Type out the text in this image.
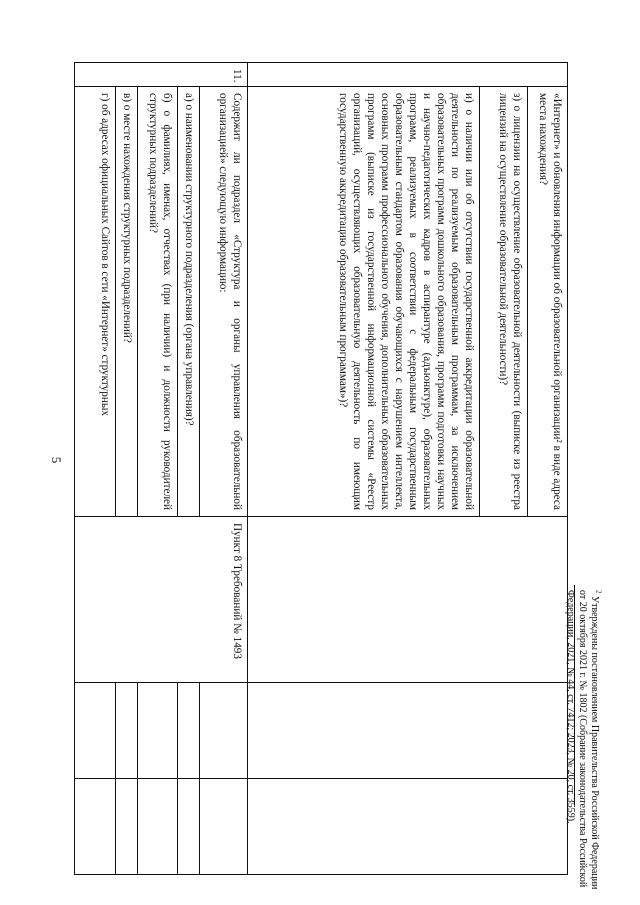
5
		«Интернет» и обновления информации об образовательной организации² в виде адреса места нахождения?			
	з) о лицензии на осуществление образовательной деятельности (выписке из реестра лицензий на осуществление образовательной деятельности)?			
	и) о наличии или об отсутствии государственной аккредитации образовательной деятельности по реализуемым образовательным программам, за исключением образовательных программ дошкольного образования, программ подготовки научных и научно-педагогических кадров в аспирантуре (адъюнктуре), образовательных программ, реализуемых в соответствии с федеральным государственным образовательным стандартом образования обучающихся с нарушением интеллекта, основных программ профессионального обучения, дополнительных образовательных программ (выписке из государственной информационной системы «Реестр организаций, осуществляющих образовательную деятельность по имеющим государственную аккредитацию образовательным программам»)?			
11.	Содержит ли подраздел «Структура и органы управления образовательной организацией» следующую информацию:	Пункт 8 Требований № 1493		
	а) о наименовании структурного подразделения (органа управления)?			
	б) о фамилиях, именах, отчествах (при наличии) и должности руководителей структурных подразделений?			
	в) о месте нахождения структурных подразделений?			
	г) об адресах официальных Сайтов в сети «Интернет» структурных			
$^2$ Утверждены постановлением Правительства Российской Федерации от 20 октября 2021 г. № 1802 (Собрание законодательства Российской Федерации, 2021, № 44, ст. 7412; 2023, № 20, ст. 3559).
